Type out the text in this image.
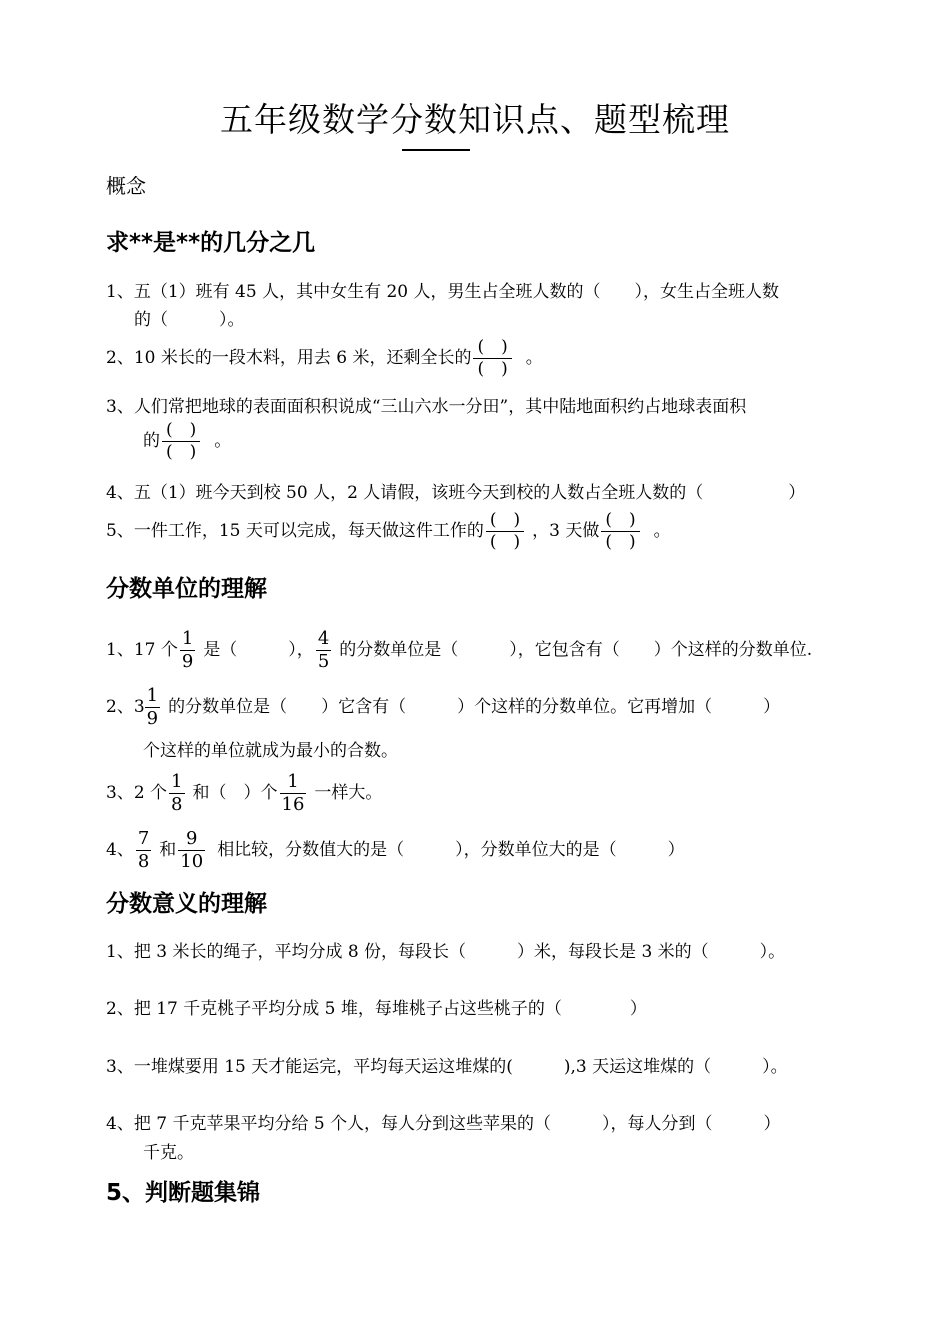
五年级数学分数知识点、题型梳理
概念
求**是**的几分之几
1、五（1）班有 45 人，其中女生有 20 人，男生占全班人数的（　　），女生占全班人数
的（　　　）。
2、10 米长的一段木料，用去 6 米，还剩全长的 $\frac{( )}{( )}$ 。
3、人们常把地球的表面面积积说成“三山六水一分田”，其中陆地面积约占地球表面积
的 $\frac{( )}{( )}$ 。
4、五（1）班今天到校 50 人，2 人请假，该班今天到校的人数占全班人数的（　　　　　）
5、一件工作，15 天可以完成，每天做这件工作的 $\frac{( )}{( )}$ ，3 天做 $\frac{( )}{( )}$ 。
分数单位的理解
1、17 个 $\frac{1}{9}$ 是（　　　）， $\frac{4}{5}$ 的分数单位是（　　　），它包含有（　　）个这样的分数单位.
2、$3 \frac{1}{9}$ 的分数单位是（　　）它含有（　　　）个这样的分数单位。它再增加（　　　）
个这样的单位就成为最小的合数。
3、2 个 $\frac{1}{8}$ 和（　）个 $\frac{1}{16}$ 一样大。
4、 $\frac{7}{8}$ 和 $\frac{9}{10}$ 相比较，分数值大的是（　　　），分数单位大的是（　　　）
分数意义的理解
1、把 3 米长的绳子，平均分成 8 份，每段长（　　　）米，每段长是 3 米的（　　　）。
2、把 17 千克桃子平均分成 5 堆，每堆桃子占这些桃子的（　　　　）
3、一堆煤要用 15 天才能运完，平均每天运这堆煤的(　　　),3 天运这堆煤的（　　　）。
4、把 7 千克苹果平均分给 5 个人，每人分到这些苹果的（　　　），每人分到（　　　）
千克。
5、判断题集锦
